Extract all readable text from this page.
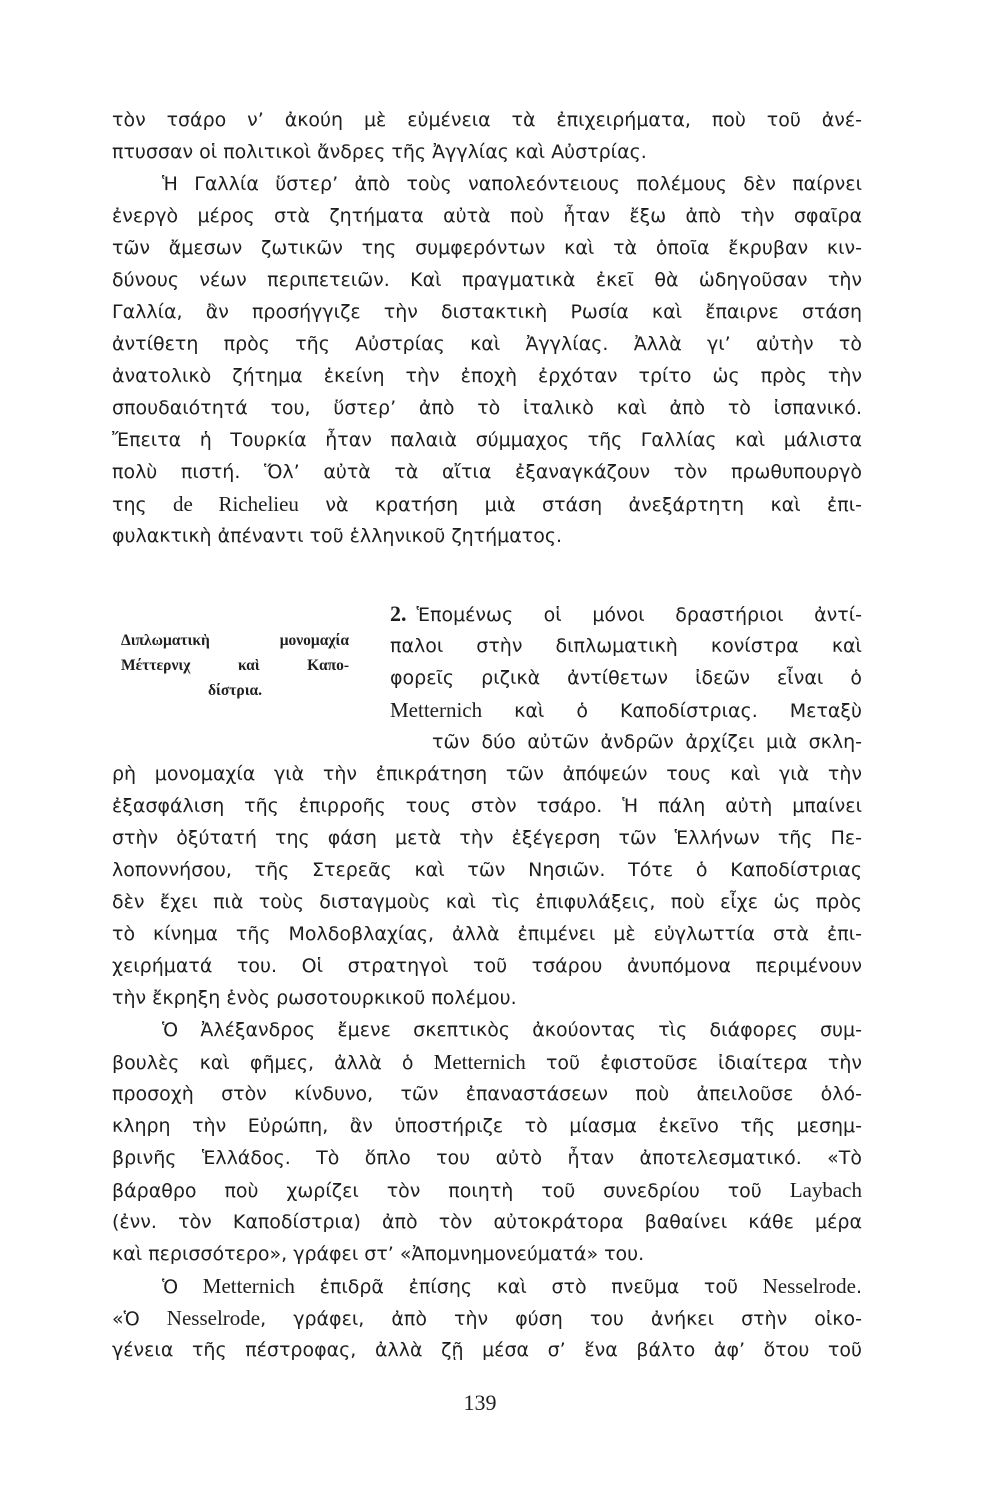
τὸν τσάρο ν’ ἀκούη μὲ εὐμένεια τὰ ἐπιχειρήματα, ποὺ τοῦ ἀνέ-
πτυσσαν οἱ πολιτικοὶ ἄνδρες τῆς Ἀγγλίας καὶ Αὐστρίας.
Ἡ Γαλλία ὕστερ’ ἀπὸ τοὺς ναπολεόντειους πολέμους δὲν παίρνει
ἐνεργὸ μέρος στὰ ζητήματα αὐτὰ ποὺ ἦταν ἔξω ἀπὸ τὴν σφαῖρα
τῶν ἄμεσων ζωτικῶν της συμφερόντων καὶ τὰ ὁποῖα ἔκρυβαν κιν-
δύνους νέων περιπετειῶν. Καὶ πραγματικὰ ἐκεῖ θὰ ὡδηγοῦσαν τὴν
Γαλλία, ἂν προσήγγιζε τὴν διστακτικὴ Ρωσία καὶ ἔπαιρνε στάση
ἀντίθετη πρὸς τῆς Αὐστρίας καὶ Ἀγγλίας. Ἀλλὰ γι’ αὐτὴν τὸ
ἀνατολικὸ ζήτημα ἐκείνη τὴν ἐποχὴ ἐρχόταν τρίτο ὡς πρὸς τὴν
σπουδαιότητά του, ὕστερ’ ἀπὸ τὸ ἰταλικὸ καὶ ἀπὸ τὸ ἰσπανικό.
Ἔπειτα ἡ Τουρκία ἦταν παλαιὰ σύμμαχος τῆς Γαλλίας καὶ μάλιστα
πολὺ πιστή. Ὅλ’ αὐτὰ τὰ αἴτια ἐξαναγκάζουν τὸν πρωθυπουργὸ
της de Richelieu νὰ κρατήση μιὰ στάση ἀνεξάρτητη καὶ ἐπι-
φυλακτικὴ ἀπέναντι τοῦ ἑλληνικοῦ ζητήματος.
Διπλωματικὴ μονομαχία
Μέττερνιχ καὶ Καπο-
δίστρια.
2. Ἑπομένως οἱ μόνοι δραστήριοι ἀντί-
παλοι στὴν διπλωματικὴ κονίστρα καὶ
φορεῖς ριζικὰ ἀντίθετων ἰδεῶν εἶναι ὁ
Metternich καὶ ὁ Καποδίστριας. Μεταξὺ
τῶν δύο αὐτῶν ἀνδρῶν ἀρχίζει μιὰ σκλη-
ρὴ μονομαχία γιὰ τὴν ἐπικράτηση τῶν ἀπόψεών τους καὶ γιὰ τὴν
ἐξασφάλιση τῆς ἐπιρροῆς τους στὸν τσάρο. Ἡ πάλη αὐτὴ μπαίνει
στὴν ὀξύτατή της φάση μετὰ τὴν ἐξέγερση τῶν Ἑλλήνων τῆς Πε-
λοποννήσου, τῆς Στερεᾶς καὶ τῶν Νησιῶν. Τότε ὁ Καποδίστριας
δὲν ἔχει πιὰ τοὺς δισταγμοὺς καὶ τὶς ἐπιφυλάξεις, ποὺ εἶχε ὡς πρὸς
τὸ κίνημα τῆς Μολδοβλαχίας, ἀλλὰ ἐπιμένει μὲ εὐγλωττία στὰ ἐπι-
χειρήματά του. Οἱ στρατηγοὶ τοῦ τσάρου ἀνυπόμονα περιμένουν
τὴν ἔκρηξη ἑνὸς ρωσοτουρκικοῦ πολέμου.
Ὁ Ἀλέξανδρος ἔμενε σκεπτικὸς ἀκούοντας τὶς διάφορες συμ-
βουλὲς καὶ φῆμες, ἀλλὰ ὁ Metternich τοῦ ἐφιστοῦσε ἰδιαίτερα τὴν
προσοχὴ στὸν κίνδυνο, τῶν ἐπαναστάσεων ποὺ ἀπειλοῦσε ὁλό-
κληρη τὴν Εὐρώπη, ἂν ὑποστήριζε τὸ μίασμα ἐκεῖνο τῆς μεσημ-
βρινῆς Ἑλλάδος. Τὸ ὅπλο του αὐτὸ ἦταν ἀποτελεσματικό. «Τὸ
βάραθρο ποὺ χωρίζει τὸν ποιητὴ τοῦ συνεδρίου τοῦ Laybach
(ἐνν. τὸν Καποδίστρια) ἀπὸ τὸν αὐτοκράτορα βαθαίνει κάθε μέρα
καὶ περισσότερο», γράφει στ’ «Ἀπομνημονεύματά» του.
Ὁ Metternich ἐπιδρᾶ ἐπίσης καὶ στὸ πνεῦμα τοῦ Nesselrode.
«Ὁ Nesselrode, γράφει, ἀπὸ τὴν φύση του ἀνήκει στὴν οἰκο-
γένεια τῆς πέστροφας, ἀλλὰ ζῇ μέσα σ’ ἕνα βάλτο ἀφ’ ὅτου τοῦ
139
